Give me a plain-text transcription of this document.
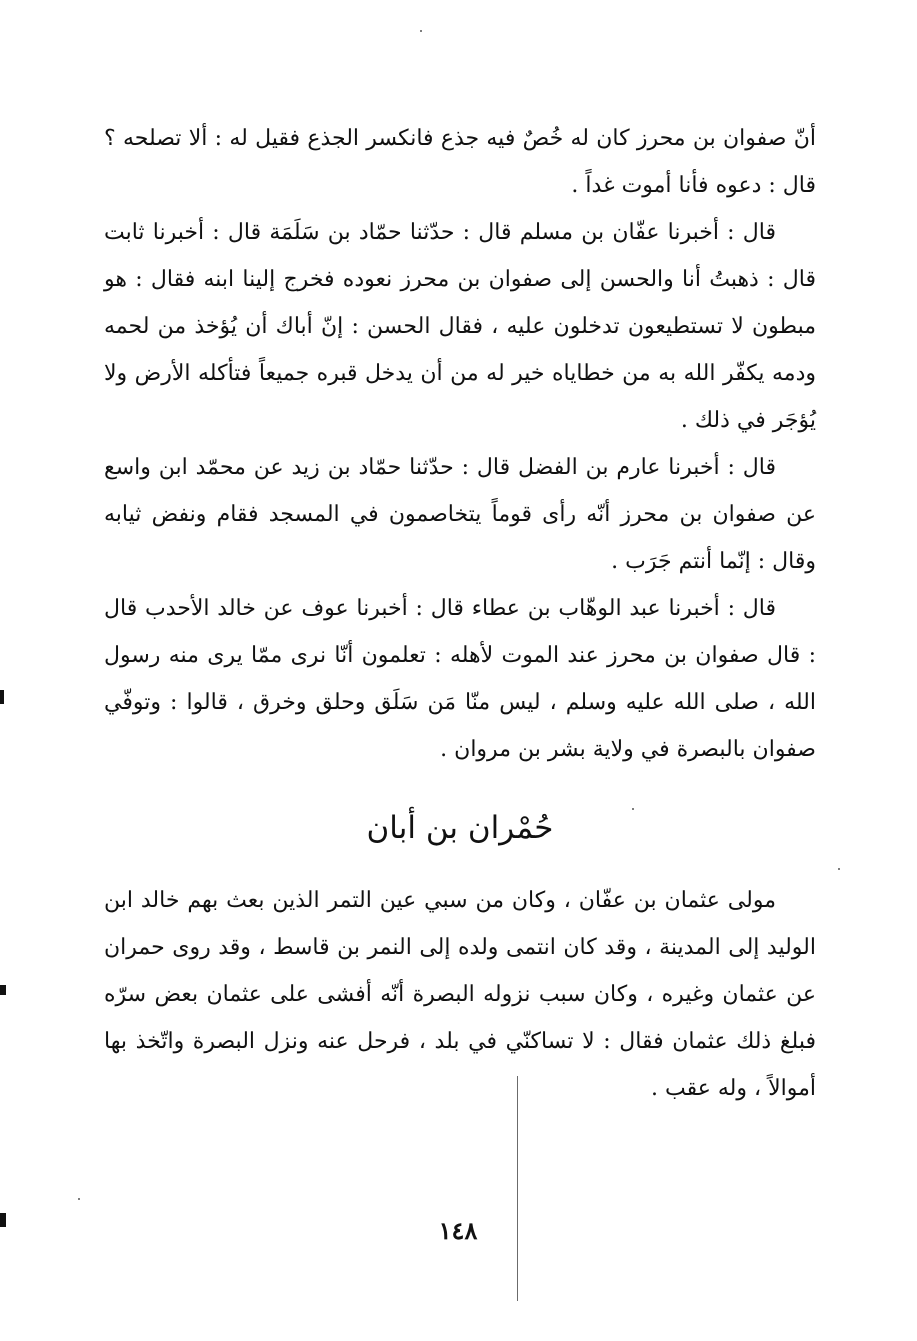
أنّ صفوان بن محرز كان له خُصٌ فيه جذع فانكسر الجذع فقيل له : ألا تصلحه ؟ قال : دعوه فأنا أموت غداً .

قال : أخبرنا عفّان بن مسلم قال : حدّثنا حمّاد بن سَلَمَة قال : أخبرنا ثابت قال : ذهبتُ أنا والحسن إلى صفوان بن محرز نعوده فخرج إلينا ابنه فقال : هو مبطون لا تستطيعون تدخلون عليه ، فقال الحسن : إنّ أباك أن يُؤخذ من لحمه ودمه يكفّر الله به من خطاياه خير له من أن يدخل قبره جميعاً فتأكله الأرض ولا يُؤجَر في ذلك .

قال : أخبرنا عارم بن الفضل قال : حدّثنا حمّاد بن زيد عن محمّد ابن واسع عن صفوان بن محرز أنّه رأى قوماً يتخاصمون في المسجد فقام ونفض ثيابه وقال : إنّما أنتم جَرَب .

قال : أخبرنا عبد الوهّاب بن عطاء قال : أخبرنا عوف عن خالد الأحدب قال : قال صفوان بن محرز عند الموت لأهله : تعلمون أنّا نرى ممّا يرى منه رسول الله ، صلى الله عليه وسلم ، ليس منّا مَن سَلَق وحلق وخرق ، قالوا : وتوفّي صفوان بالبصرة في ولاية بشر بن مروان .

حُمْران بن أبان

مولى عثمان بن عفّان ، وكان من سبي عين التمر الذين بعث بهم خالد ابن الوليد إلى المدينة ، وقد كان انتمى ولده إلى النمر بن قاسط ، وقد روى حمران عن عثمان وغيره ، وكان سبب نزوله البصرة أنّه أفشى على عثمان بعض سرّه فبلغ ذلك عثمان فقال : لا تساكنّي في بلد ، فرحل عنه ونزل البصرة واتّخذ بها أموالاً ، وله عقب .

١٤٨
